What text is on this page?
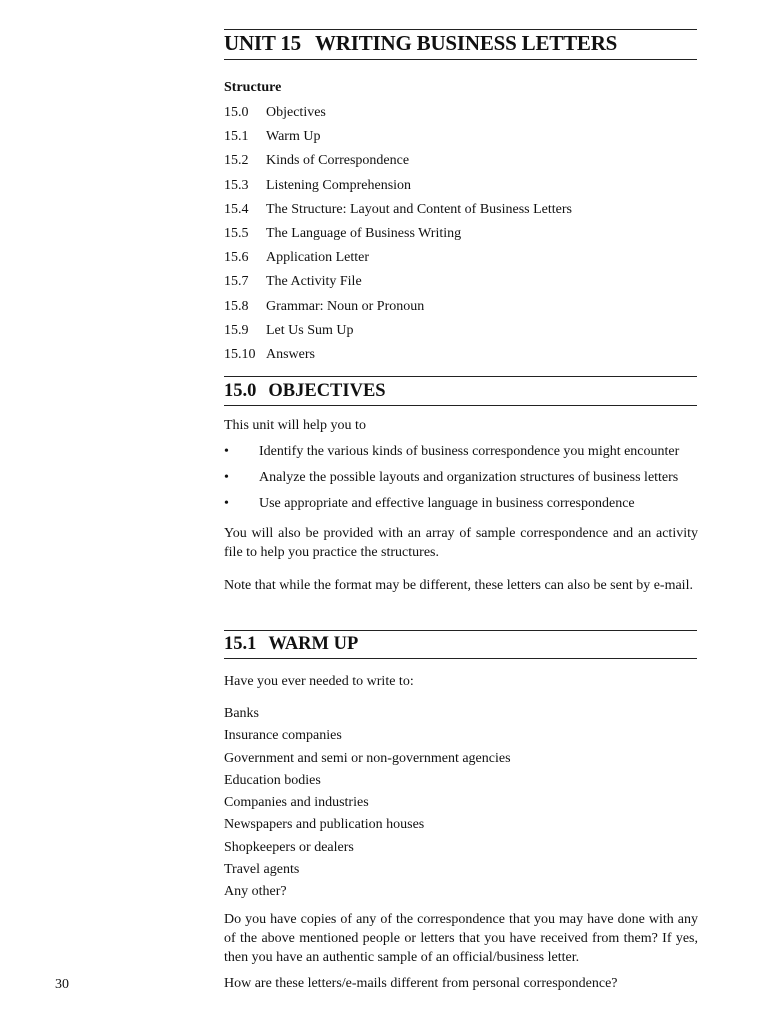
UNIT 15 WRITING BUSINESS LETTERS
Structure
15.0	Objectives
15.1	Warm Up
15.2	Kinds of Correspondence
15.3	Listening Comprehension
15.4	The Structure: Layout and Content of Business Letters
15.5	The Language of Business Writing
15.6	Application Letter
15.7	The Activity File
15.8	Grammar: Noun or Pronoun
15.9	Let Us Sum Up
15.10 Answers
15.0 OBJECTIVES
This unit will help you to
•	Identify the various kinds of business correspondence you might encounter
•	Analyze the possible layouts and organization structures of business letters
•	Use appropriate and effective language in business correspondence
You will also be provided with an array of sample correspondence and an activity file to help you practice the structures.
Note that while the format may be different, these letters can also be sent by e-mail.
15.1 WARM UP
Have you ever needed to write to:
Banks
Insurance companies
Government and semi or non-government agencies
Education bodies
Companies and industries
Newspapers and publication houses
Shopkeepers or dealers
Travel agents
Any other?
Do you have copies of any of the correspondence that you may have done with any of the above mentioned people or letters that you have received from them? If yes, then you have an authentic sample of an official/business letter.
How are these letters/e-mails different from personal correspondence?
30
